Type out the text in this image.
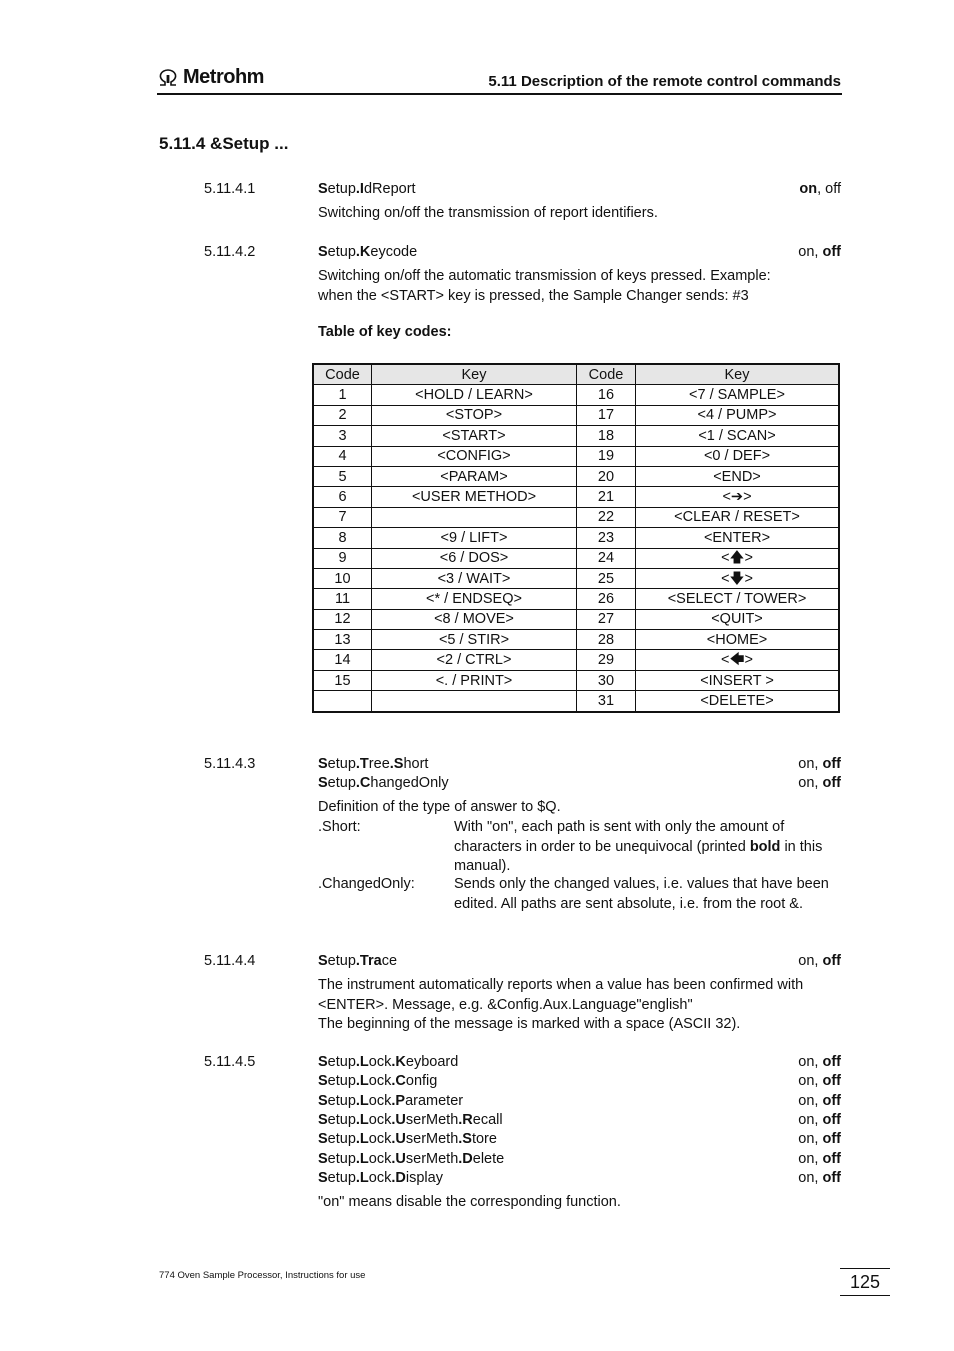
Metrohm	5.11 Description of the remote control commands
5.11.4 &Setup ...
5.11.4.1	Setup.IdReport	on, off
Switching on/off the transmission of report identifiers.
5.11.4.2	Setup.Keycode	on, off
Switching on/off the automatic transmission of keys pressed. Example:
when the <START> key is pressed, the Sample Changer sends: #3
Table of key codes:
Code	Key	Code	Key
1	<HOLD / LEARN>	16	<7 / SAMPLE>
2	<STOP>	17	<4 / PUMP>
3	<START>	18	<1 / SCAN>
4	<CONFIG>	19	<0 / DEF>
5	<PARAM>	20	<END>
6	<USER METHOD>	21	<➔>
7		22	<CLEAR / RESET>
8	<9 / LIFT>	23	<ENTER>
9	<6 / DOS>	24	<🡅>
10	<3 / WAIT>	25	<🡇>
11	<* / ENDSEQ>	26	<SELECT / TOWER>
12	<8 / MOVE>	27	<QUIT>
13	<5 / STIR>	28	<HOME>
14	<2 / CTRL>	29	<🡄>
15	<. / PRINT>	30	<INSERT >
		31	<DELETE>
5.11.4.3	Setup.Tree.Short	on, off
Setup.ChangedOnly	on, off
Definition of the type of answer to $Q.
.Short:	With "on", each path is sent with only the amount of characters in order to be unequivocal (printed bold in this manual).
.ChangedOnly:	Sends only the changed values, i.e. values that have been edited. All paths are sent absolute, i.e. from the root &.
5.11.4.4	Setup.Trace	on, off
The instrument automatically reports when a value has been confirmed with
<ENTER>. Message, e.g. &Config.Aux.Language"english"
The beginning of the message is marked with a space (ASCII 32).
5.11.4.5	Setup.Lock.Keyboard	on, off
Setup.Lock.Config	on, off
Setup.Lock.Parameter	on, off
Setup.Lock.UserMeth.Recall	on, off
Setup.Lock.UserMeth.Store	on, off
Setup.Lock.UserMeth.Delete	on, off
Setup.Lock.Display	on, off
"on" means disable the corresponding function.
774 Oven Sample Processor, Instructions for use	125
